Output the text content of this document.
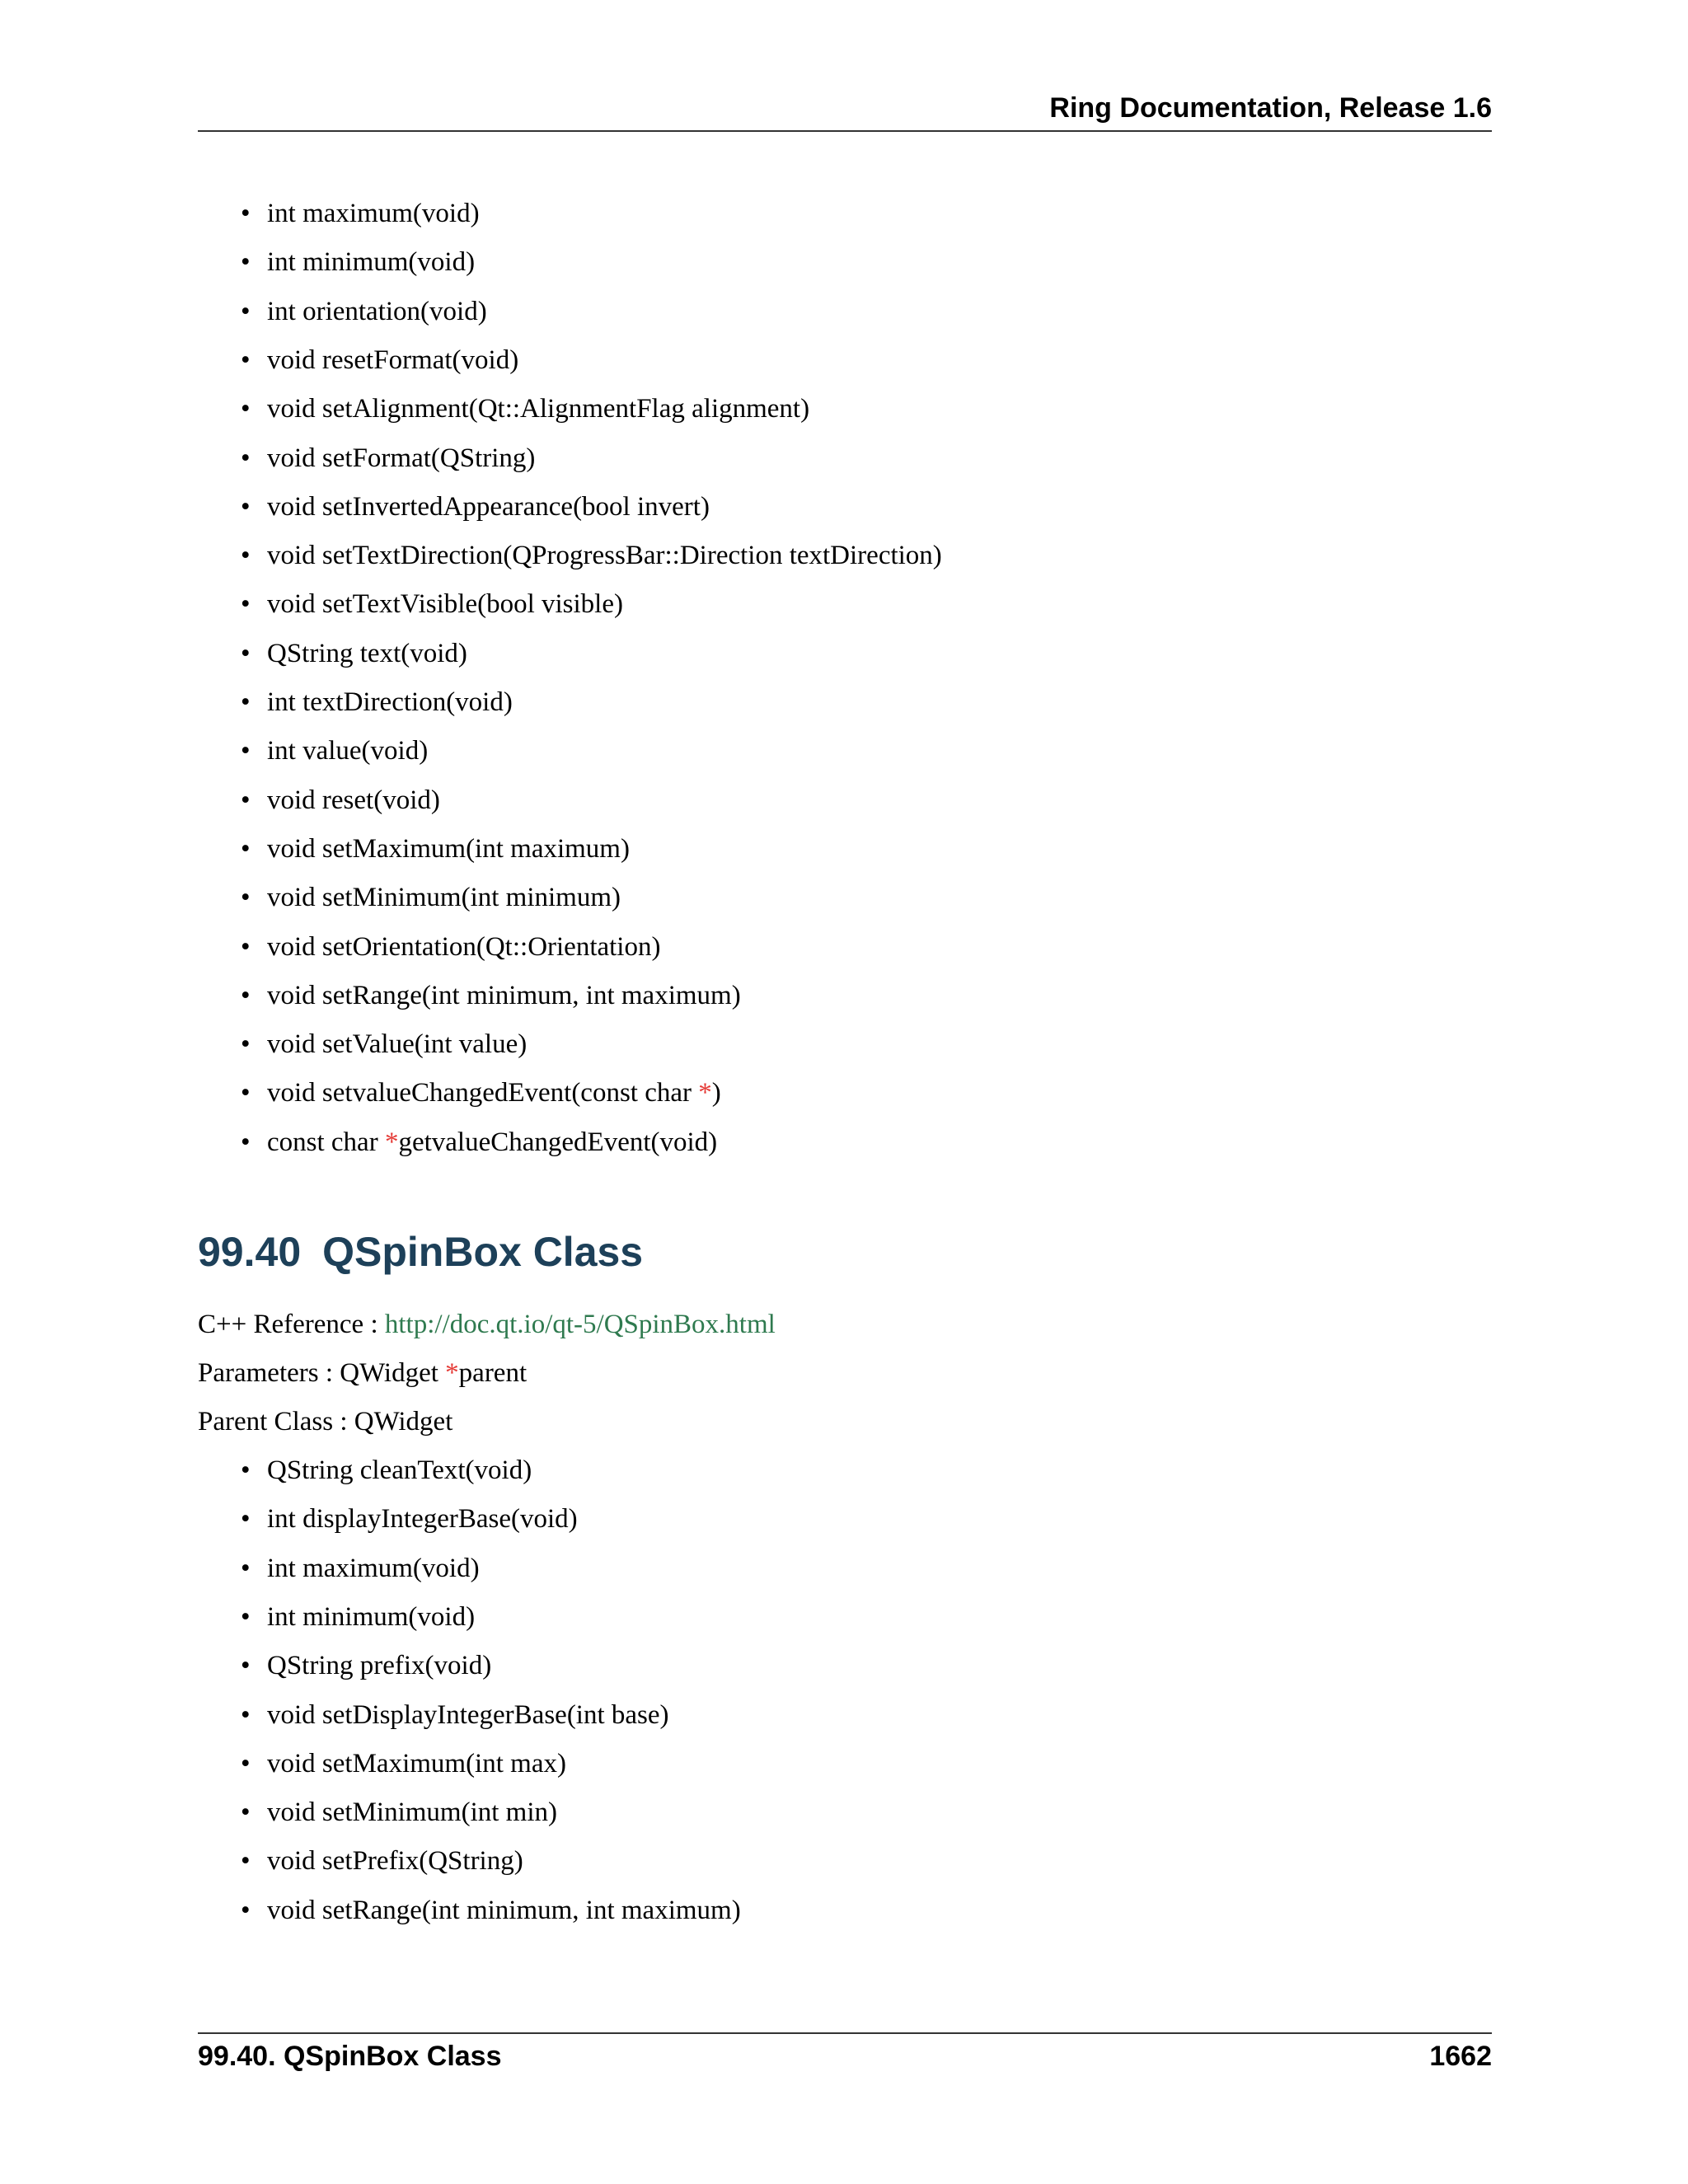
Ring Documentation, Release 1.6
• int maximum(void)
• int minimum(void)
• int orientation(void)
• void resetFormat(void)
• void setAlignment(Qt::AlignmentFlag alignment)
• void setFormat(QString)
• void setInvertedAppearance(bool invert)
• void setTextDirection(QProgressBar::Direction textDirection)
• void setTextVisible(bool visible)
• QString text(void)
• int textDirection(void)
• int value(void)
• void reset(void)
• void setMaximum(int maximum)
• void setMinimum(int minimum)
• void setOrientation(Qt::Orientation)
• void setRange(int minimum, int maximum)
• void setValue(int value)
• void setvalueChangedEvent(const char *)
• const char *getvalueChangedEvent(void)
99.40 QSpinBox Class
C++ Reference : http://doc.qt.io/qt-5/QSpinBox.html
Parameters : QWidget *parent
Parent Class : QWidget
• QString cleanText(void)
• int displayIntegerBase(void)
• int maximum(void)
• int minimum(void)
• QString prefix(void)
• void setDisplayIntegerBase(int base)
• void setMaximum(int max)
• void setMinimum(int min)
• void setPrefix(QString)
• void setRange(int minimum, int maximum)
99.40. QSpinBox Class	1662
